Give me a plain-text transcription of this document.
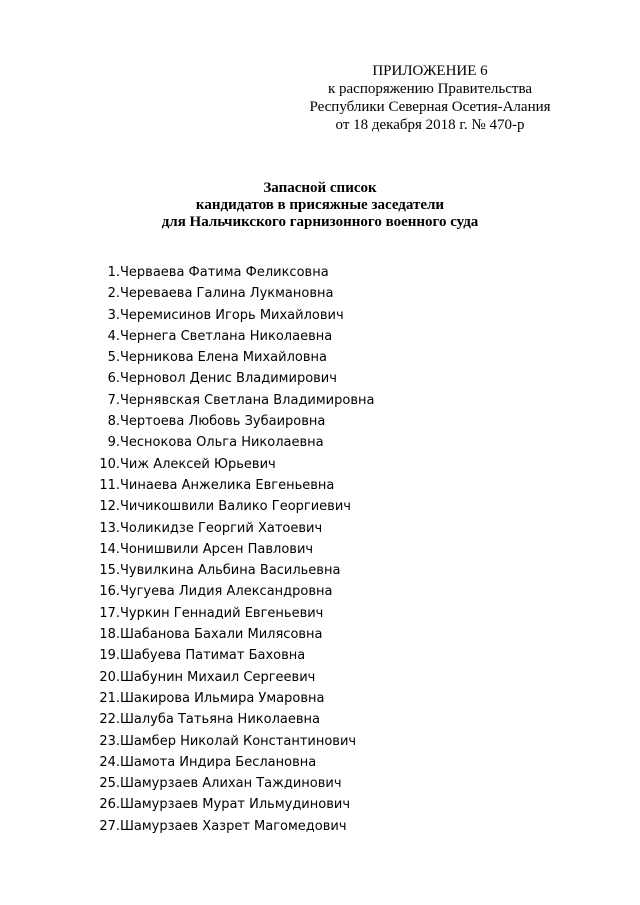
ПРИЛОЖЕНИЕ 6
к распоряжению Правительства
Республики Северная Осетия-Алания
от 18 декабря 2018 г. № 470-р
Запасной список
кандидатов в присяжные заседатели
для Нальчикского гарнизонного военного суда
1.Черваева Фатима Феликсовна
2.Череваева Галина Лукмановна
3.Черемисинов Игорь Михайлович
4.Чернега Светлана Николаевна
5.Черникова Елена Михайловна
6.Черновол Денис Владимирович
7.Чернявская Светлана Владимировна
8.Чертоева Любовь Зубаировна
9.Чеснокова Ольга Николаевна
10.Чиж Алексей Юрьевич
11.Чинаева Анжелика Евгеньевна
12.Чичикошвили Валико Георгиевич
13.Чоликидзе Георгий Хатоевич
14.Чонишвили Арсен Павлович
15.Чувилкина Альбина Васильевна
16.Чугуева Лидия Александровна
17.Чуркин Геннадий Евгеньевич
18.Шабанова Бахали Милясовна
19.Шабуева Патимат Баховна
20.Шабунин Михаил Сергеевич
21.Шакирова Ильмира Умаровна
22.Шалуба Татьяна Николаевна
23.Шамбер Николай Константинович
24.Шамота Индира Беслановна
25.Шамурзаев Алихан Таждинович
26.Шамурзаев Мурат Ильмудинович
27.Шамурзаев Хазрет Магомедович
